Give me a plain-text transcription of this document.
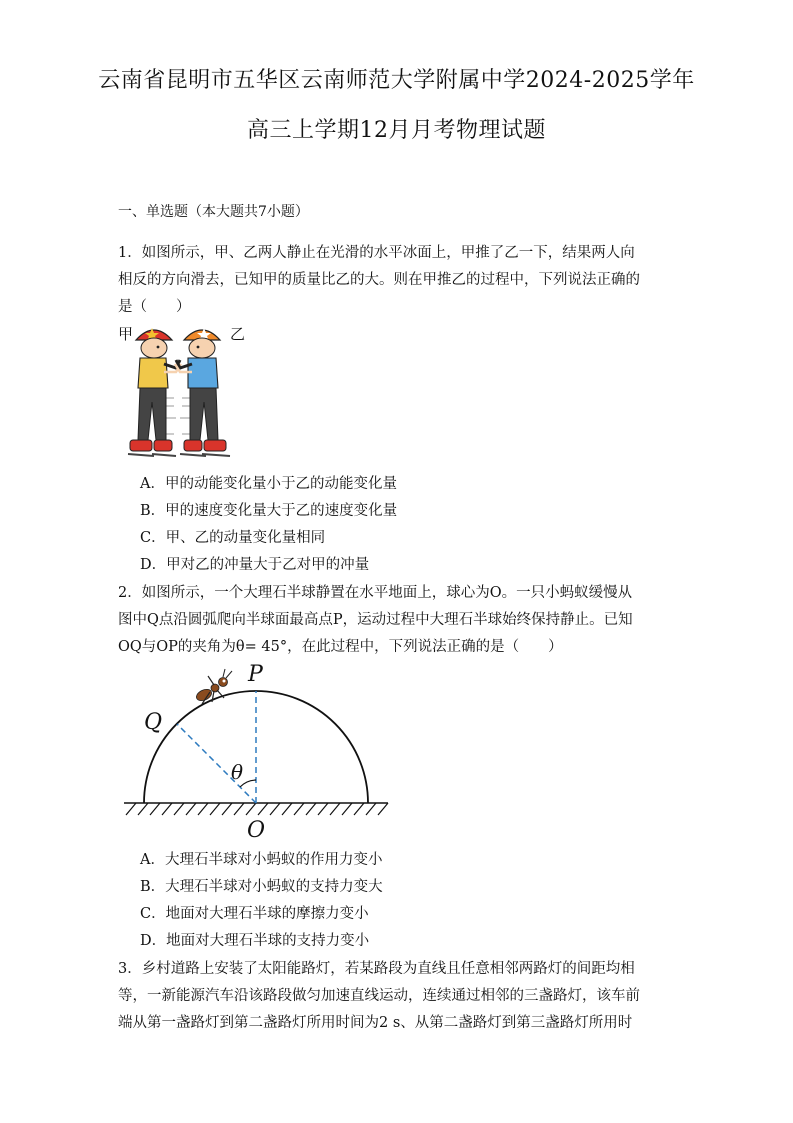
云南省昆明市五华区云南师范大学附属中学2024-2025学年
高三上学期12月月考物理试题
一、单选题（本大题共7小题）

1．如图所示，甲、乙两人静止在光滑的水平冰面上，甲推了乙一下，结果两人向

相反的方向滑去，已知甲的质量比乙的大。则在甲推乙的过程中，下列说法正确的

是（　　）

甲	乙
A．甲的动能变化量小于乙的动能变化量
B．甲的速度变化量大于乙的速度变化量
C．甲、乙的动量变化量相同
D．甲对乙的冲量大于乙对甲的冲量

2．如图所示，一个大理石半球静置在水平地面上，球心为O。一只小蚂蚁缓慢从

图中Q点沿圆弧爬向半球面最高点P，运动过程中大理石半球始终保持静止。已知

OQ与OP的夹角为θ= 45°，在此过程中，下列说法正确的是（　　）

P
Q
θ
O
A．大理石半球对小蚂蚁的作用力变小
B．大理石半球对小蚂蚁的支持力变大
C．地面对大理石半球的摩擦力变小
D．地面对大理石半球的支持力变小

3．乡村道路上安装了太阳能路灯，若某路段为直线且任意相邻两路灯的间距均相

等，一新能源汽车沿该路段做匀加速直线运动，连续通过相邻的三盏路灯，该车前

端从第一盏路灯到第二盏路灯所用时间为2 s、从第二盏路灯到第三盏路灯所用时
